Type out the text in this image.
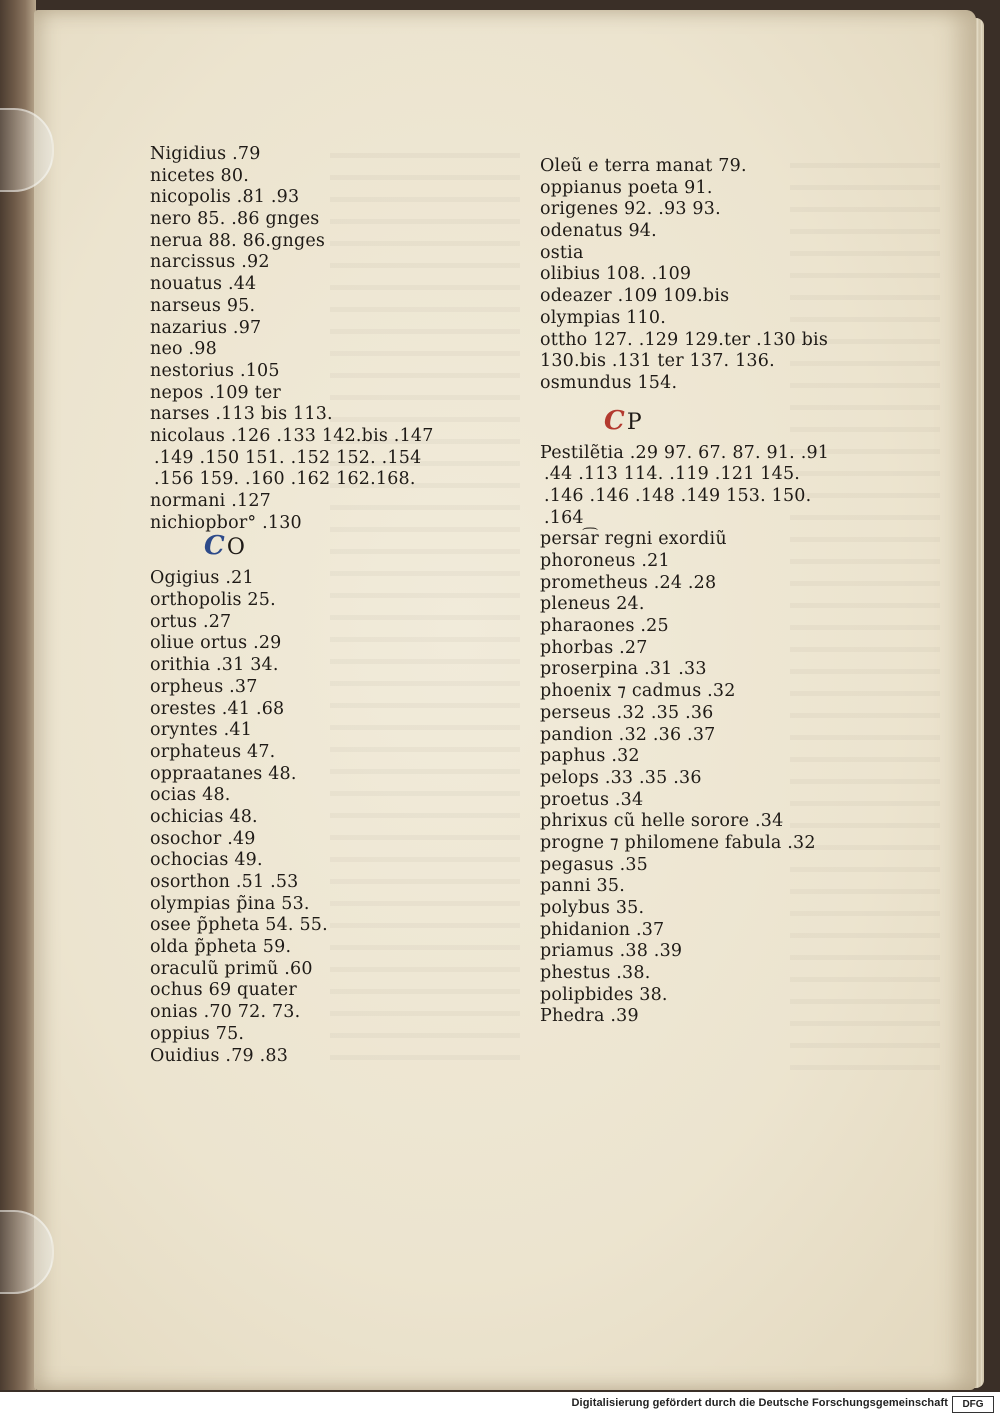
Nigidius .79
nicetes 80.
nicopolis .81 .93
nero 85. .86 gnges
nerua 88. 86.gnges
narcissus .92
nouatus .44
narseus 95.
nazarius .97
neo .98
nestorius .105
nepos .109 ter
narses .113 bis 113.
nicolaus .126 .133 142.bis .147
.149 .150 151. .152 152. .154
.156 159. .160 .162 162.168.
normani .127
nichiopbor° .130
CO
Ogigius .21
orthopolis 25.
ortus .27
oliue ortus .29
orithia .31 34.
orpheus .37
orestes .41 .68
oryntes .41
orphateus 47.
oppraatanes 48.
ocias 48.
ochicias 48.
osochor .49
ochocias 49.
osorthon .51 .53
olympias p̃ina 53.
osee p̃pheta 54. 55.
olda p̃pheta 59.
oraculũ primũ .60
ochus 69 quater
onias .70 72. 73.
oppius 75.
Ouidius .79 .83
Oleũ e terra manat 79.
oppianus poeta 91.
origenes 92. .93 93.
odenatus 94.
ostia
olibius 108. .109
odeazer .109 109.bis
olympias 110.
ottho 127. .129 129.ter .130 bis
130.bis .131 ter 137. 136.
osmundus 154.
CP
Pestilẽtia .29 97. 67. 87. 91. .91
.44 .113 114. .119 .121 145.
.146 .146 .148 .149 153. 150.
.164
persa͡r regni exordiũ
phoroneus .21
prometheus .24 .28
pleneus 24.
pharaones .25
phorbas .27
proserpina .31 .33
phoenix ⁊ cadmus .32
perseus .32 .35 .36
pandion .32 .36 .37
paphus .32
pelops .33 .35 .36
proetus .34
phrixus cũ helle sorore .34
progne ⁊ philomene fabula .32
pegasus .35
panni 35.
polybus 35.
phidanion .37
priamus .38 .39
phestus .38.
polipbides 38.
Phedra .39
Digitalisierung gefördert durch die Deutsche Forschungsgemeinschaft	DFG
